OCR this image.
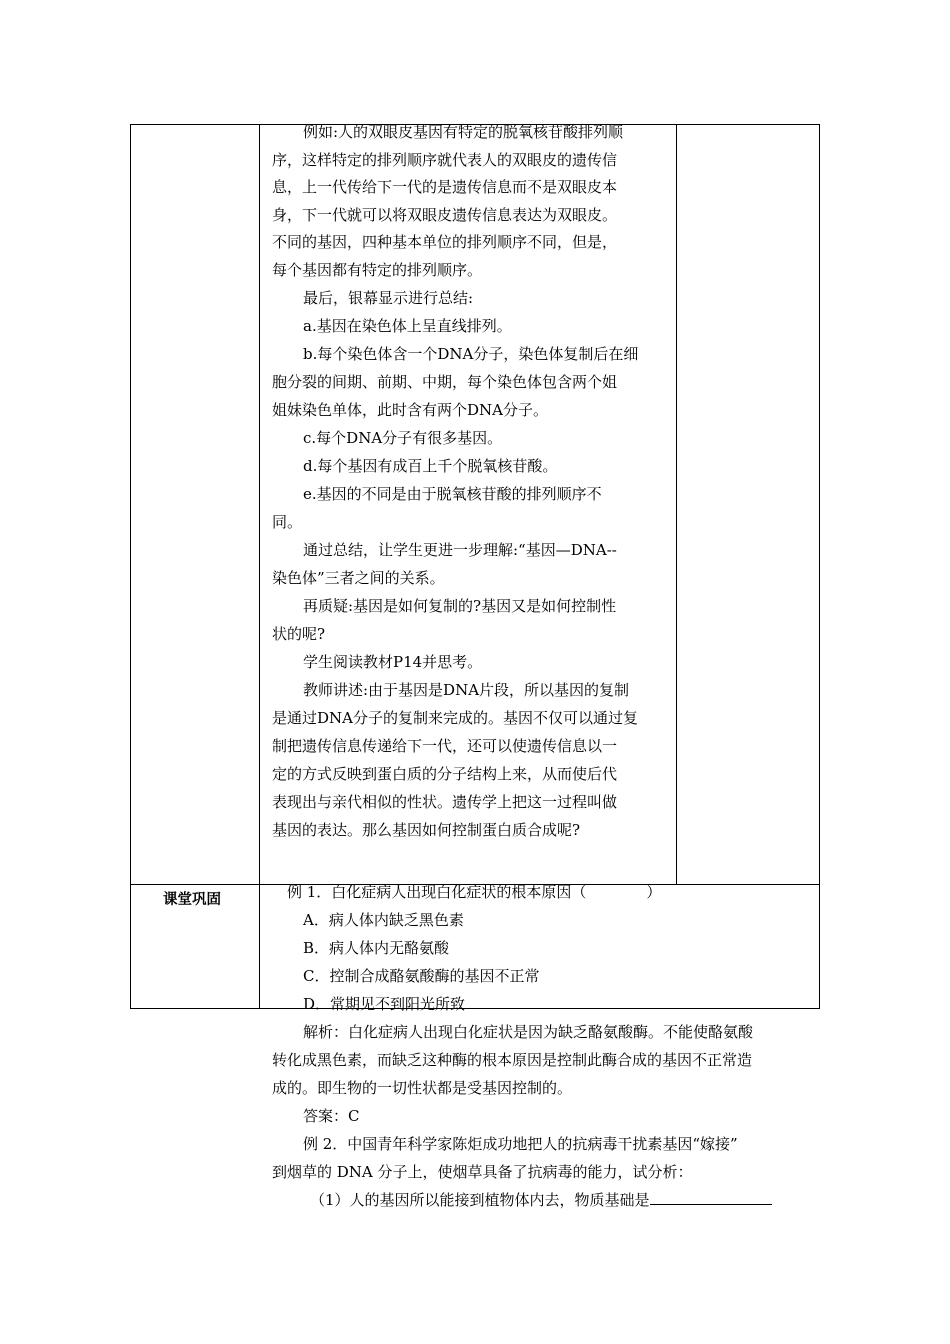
例如:人的双眼皮基因有特定的脱氧核苷酸排列顺

序，这样特定的排列顺序就代表人的双眼皮的遗传信

息，上一代传给下一代的是遗传信息而不是双眼皮本

身，下一代就可以将双眼皮遗传信息表达为双眼皮。

不同的基因，四种基本单位的排列顺序不同，但是，

每个基因都有特定的排列顺序。

最后，银幕显示进行总结:

a.基因在染色体上呈直线排列。

b.每个染色体含一个DNA分子，染色体复制后在细

胞分裂的间期、前期、中期，每个染色体包含两个姐

姐妹染色单体，此时含有两个DNA分子。

c.每个DNA分子有很多基因。

d.每个基因有成百上千个脱氧核苷酸。

e.基因的不同是由于脱氧核苷酸的排列顺序不

同。

通过总结，让学生更进一步理解:“基因—DNA--

染色体”三者之间的关系。

再质疑:基因是如何复制的?基因又是如何控制性

状的呢?

学生阅读教材P14并思考。

教师讲述:由于基因是DNA片段，所以基因的复制

是通过DNA分子的复制来完成的。基因不仅可以通过复

制把遗传信息传递给下一代，还可以使遗传信息以一

定的方式反映到蛋白质的分子结构上来，从而使后代

表现出与亲代相似的性状。遗传学上把这一过程叫做

基因的表达。那么基因如何控制蛋白质合成呢?

课堂巩固	例 1．白化症病人出现白化症状的根本原因（	）

A．病人体内缺乏黑色素

B．病人体内无酪氨酸

C．控制合成酪氨酸酶的基因不正常

D．常期见不到阳光所致

解析：白化症病人出现白化症状是因为缺乏酪氨酸酶。不能使酪氨酸

转化成黑色素，而缺乏这种酶的根本原因是控制此酶合成的基因不正常造

成的。即生物的一切性状都是受基因控制的。

答案：C

例 2．中国青年科学家陈炬成功地把人的抗病毒干扰素基因“嫁接”

到烟草的 DNA 分子上，使烟草具备了抗病毒的能力，试分析：

（1）人的基因所以能接到植物体内去，物质基础是
